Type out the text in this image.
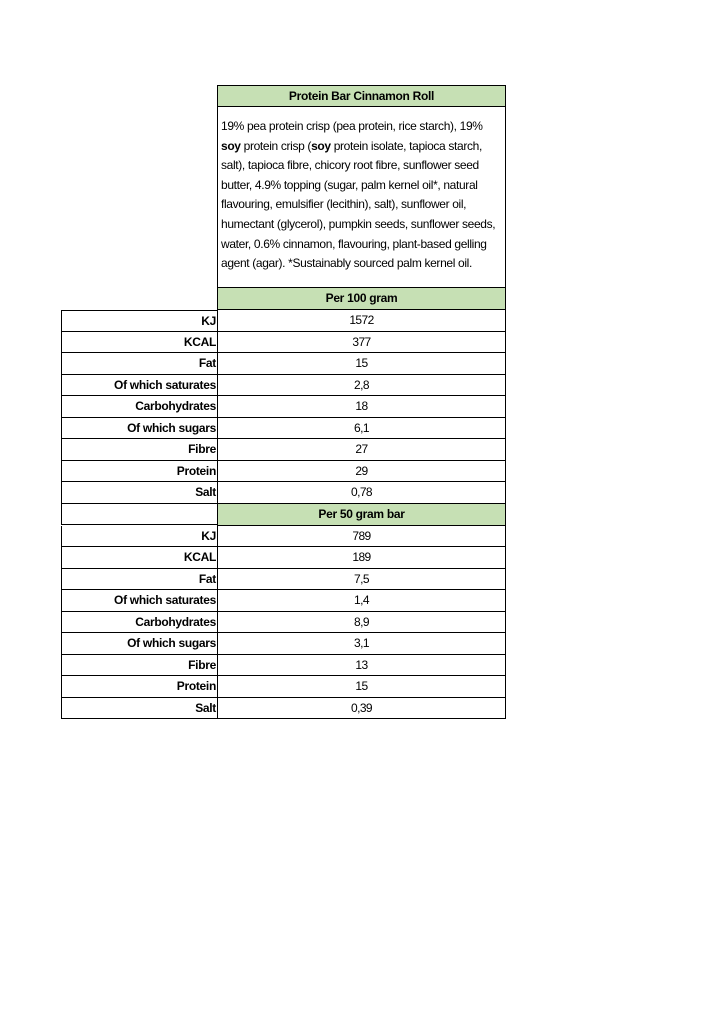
Protein Bar Cinnamon Roll
19% pea protein crisp (pea protein, rice starch), 19% soy protein crisp (soy protein isolate, tapioca starch, salt), tapioca fibre, chicory root fibre, sunflower seed butter, 4.9% topping (sugar, palm kernel oil*, natural flavouring, emulsifier (lecithin), salt), sunflower oil, humectant (glycerol), pumpkin seeds, sunflower seeds, water, 0.6% cinnamon, flavouring, plant-based gelling agent (agar). *Sustainably sourced palm kernel oil.
Per 100 gram
KJ	1572
KCAL	377
Fat	15
Of which saturates	2,8
Carbohydrates	18
Of which sugars	6,1
Fibre	27
Protein	29
Salt	0,78
Per 50 gram bar
KJ	789
KCAL	189
Fat	7,5
Of which saturates	1,4
Carbohydrates	8,9
Of which sugars	3,1
Fibre	13
Protein	15
Salt	0,39
